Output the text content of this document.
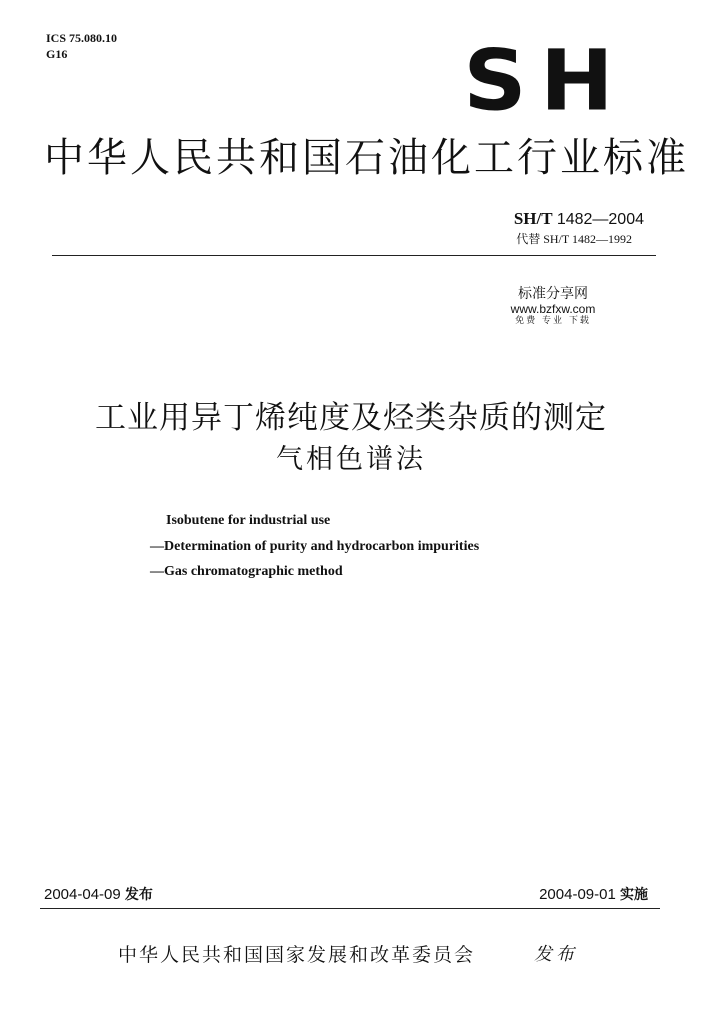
ICS 75.080.10
G16	S H
中华人民共和国石油化工行业标准
SH/T 1482—2004
代替 SH/T 1482—1992
标准分享网
www.bzfxw.com
免费 专业 下载
工业用异丁烯纯度及烃类杂质的测定
气相色谱法
Isobutene for industrial use
—Determination of purity and hydrocarbon impurities
—Gas chromatographic method
2004-04-09 发布	2004-09-01 实施
中华人民共和国国家发展和改革委员会	发布
